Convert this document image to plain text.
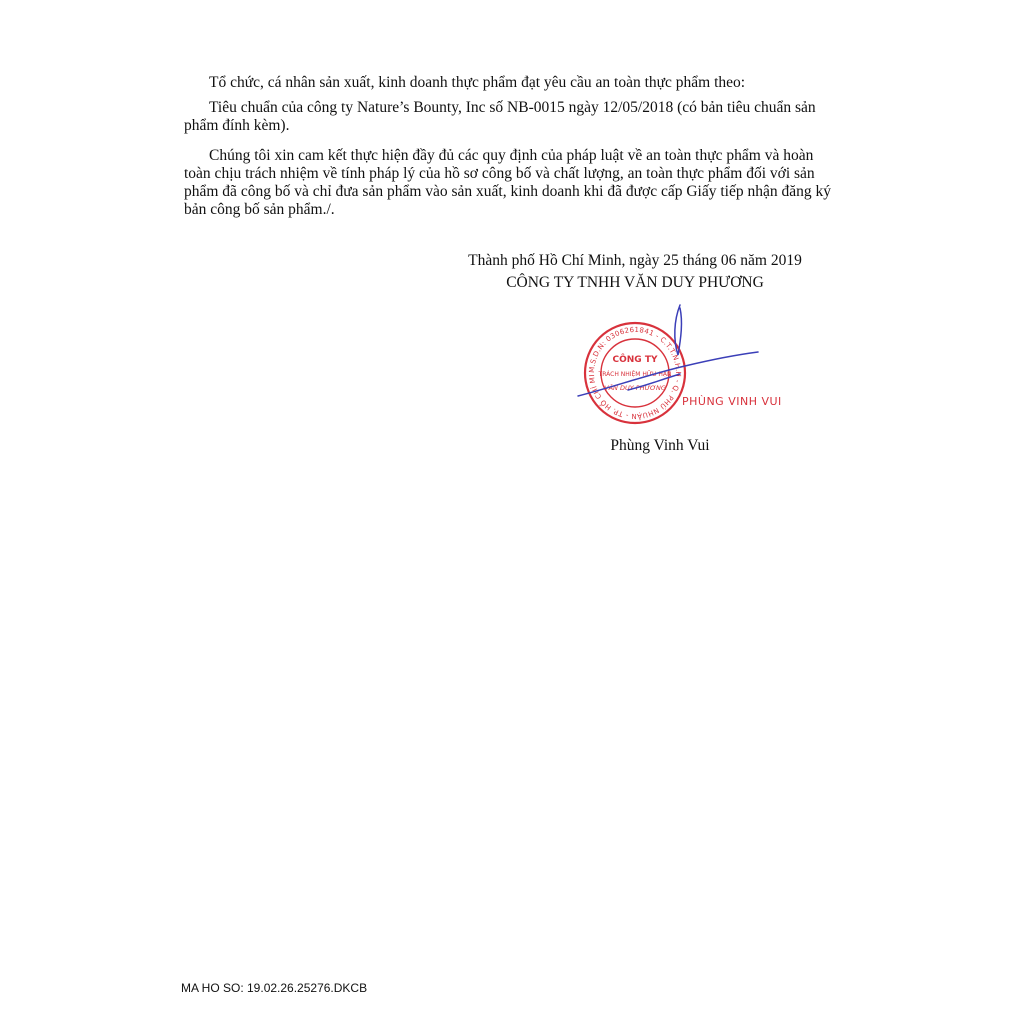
Tổ chức, cá nhân sản xuất, kinh doanh thực phẩm đạt yêu cầu an toàn thực phẩm theo:

Tiêu chuẩn của công ty Nature’s Bounty, Inc số NB-0015 ngày 12/05/2018 (có bản tiêu chuẩn sản phẩm đính kèm).

Chúng tôi xin cam kết thực hiện đầy đủ các quy định của pháp luật về an toàn thực phẩm và hoàn toàn chịu trách nhiệm về tính pháp lý của hồ sơ công bố và chất lượng, an toàn thực phẩm đối với sản phẩm đã công bố và chỉ đưa sản phẩm vào sản xuất, kinh doanh khi đã được cấp Giấy tiếp nhận đăng ký bản công bố sản phẩm./.

Thành phố Hồ Chí Minh, ngày 25 tháng 06 năm 2019
CÔNG TY TNHH VĂN DUY PHƯƠNG
M.S.D.N: 0306261841 - C.T.T.N.H.H - Q. PHÚ NHUẬN - TP. HỒ CHÍ MI
CÔNG TY
TRÁCH NHIỆM HỮU HẠN
VĂN DUY PHƯƠNG
PHÙNG VINH VUI
Phùng Vinh Vui
MA HO SO: 19.02.26.25276.DKCB
